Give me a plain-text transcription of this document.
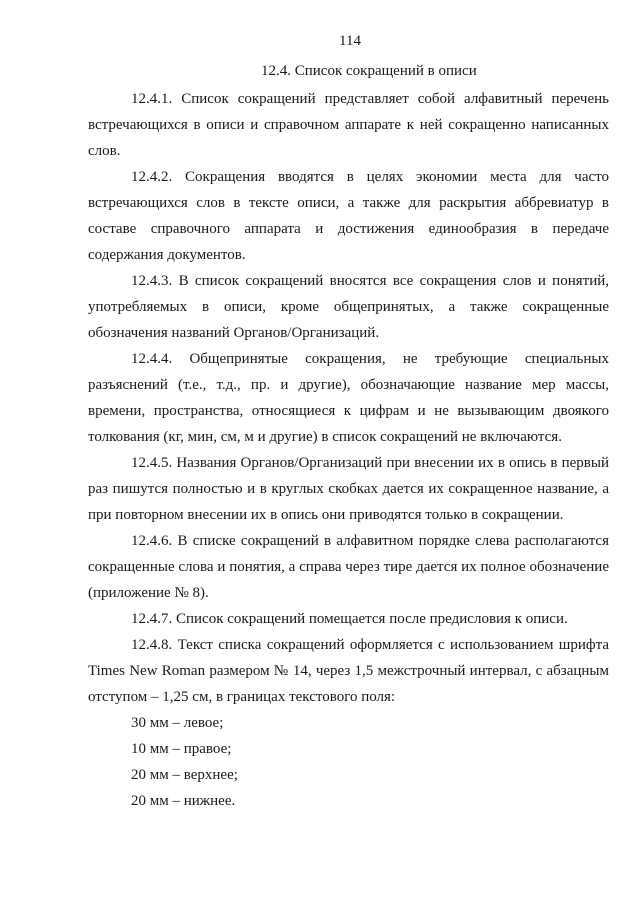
114
12.4. Список сокращений в описи

12.4.1. Список сокращений представляет собой алфавитный перечень встречающихся в описи и справочном аппарате к ней сокращенно написанных слов.

12.4.2. Сокращения вводятся в целях экономии места для часто встречающихся слов в тексте описи, а также для раскрытия аббревиатур в составе справочного аппарата и достижения единообразия в передаче содержания документов.

12.4.3. В список сокращений вносятся все сокращения слов и понятий, употребляемых в описи, кроме общепринятых, а также сокращенные обозначения названий Органов/Организаций.

12.4.4. Общепринятые сокращения, не требующие специальных разъяснений (т.е., т.д., пр. и другие), обозначающие название мер массы, времени, пространства, относящиеся к цифрам и не вызывающим двоякого толкования (кг, мин, см, м и другие) в список сокращений не включаются.

12.4.5. Названия Органов/Организаций при внесении их в опись в первый раз пишутся полностью и в круглых скобках дается их сокращенное название, а при повторном внесении их в опись они приводятся только в сокращении.

12.4.6. В списке сокращений в алфавитном порядке слева располагаются сокращенные слова и понятия, а справа через тире дается их полное обозначение (приложение № 8).

12.4.7. Список сокращений помещается после предисловия к описи.

12.4.8. Текст списка сокращений оформляется с использованием шрифта Times New Roman размером № 14, через 1,5 межстрочный интервал, с абзацным отступом – 1,25 см, в границах текстового поля:

30 мм – левое;

10 мм – правое;

20 мм – верхнее;

20 мм – нижнее.
